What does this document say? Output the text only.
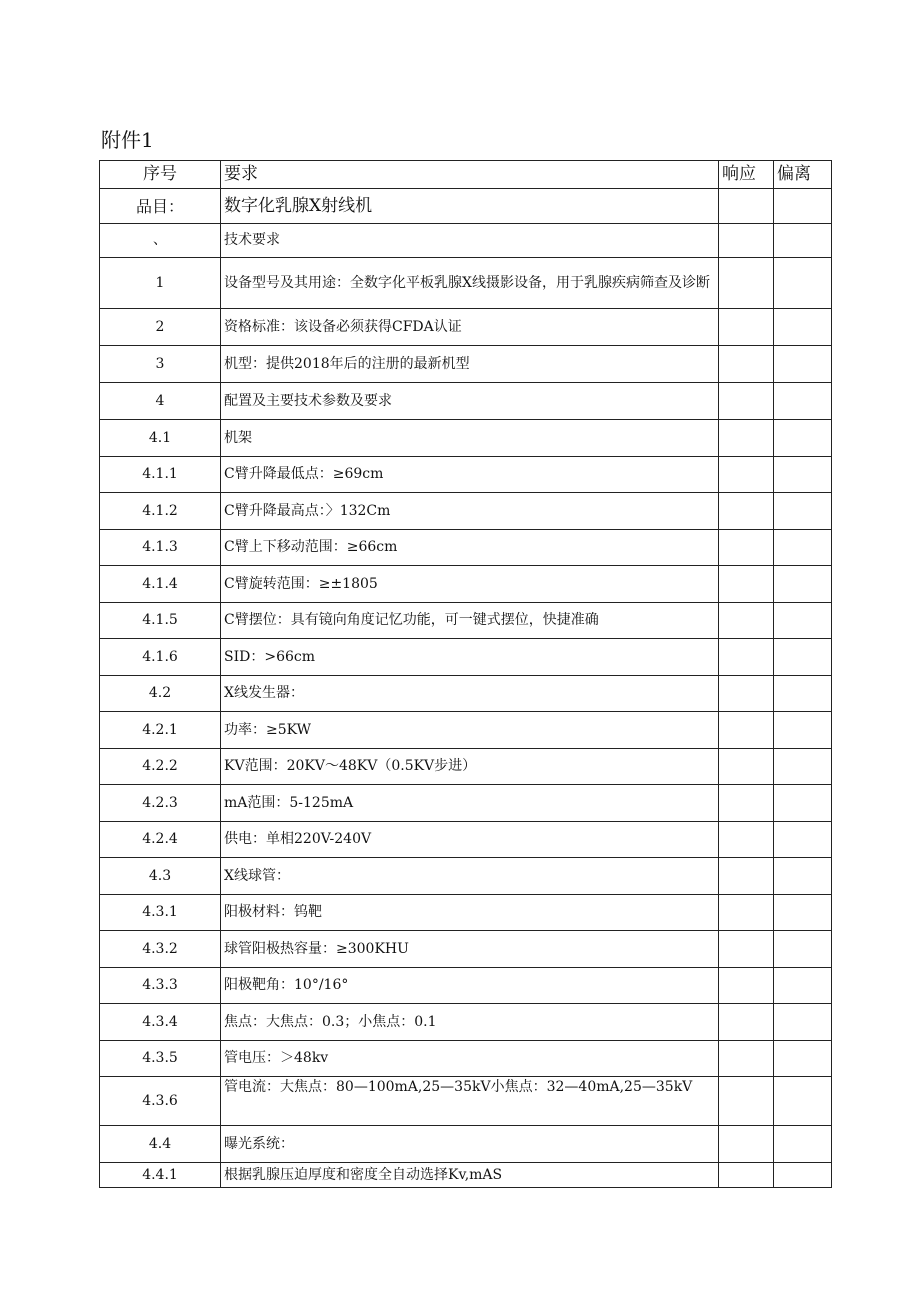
附件1
序号	要求	响应	偏离
品目：	数字化乳腺X射线机		
、	技术要求		
1	设备型号及其用途：全数字化平板乳腺X线摄影设备，用于乳腺疾病筛查及诊断		
2	资格标准：该设备必须获得CFDA认证		
3	机型：提供2018年后的注册的最新机型		
4	配置及主要技术参数及要求		
4.1	机架		
4.1.1	C臂升降最低点：≥69cm		
4.1.2	C臂升降最高点：〉132Cm		
4.1.3	C臂上下移动范围：≥66cm		
4.1.4	C臂旋转范围：≥±1805		
4.1.5	C臂摆位：具有镜向角度记忆功能，可一键式摆位，快捷准确		
4.1.6	SID：>66cm		
4.2	X线发生器：		
4.2.1	功率：≥5KW		
4.2.2	KV范围：20KV～48KV（0.5KV步进）		
4.2.3	mA范围：5-125mA		
4.2.4	供电：单相220V-240V		
4.3	X线球管：		
4.3.1	阳极材料：钨靶		
4.3.2	球管阳极热容量：≥300KHU		
4.3.3	阳极靶角：10°/16°		
4.3.4	焦点：大焦点：0.3；小焦点：0.1		
4.3.5	管电压：＞48kv		
4.3.6	管电流：大焦点：80—100mA,25—35kV小焦点：32—40mA,25—35kV		
4.4	曝光系统：		
4.4.1	根据乳腺压迫厚度和密度全自动选择Kv,mAS		
